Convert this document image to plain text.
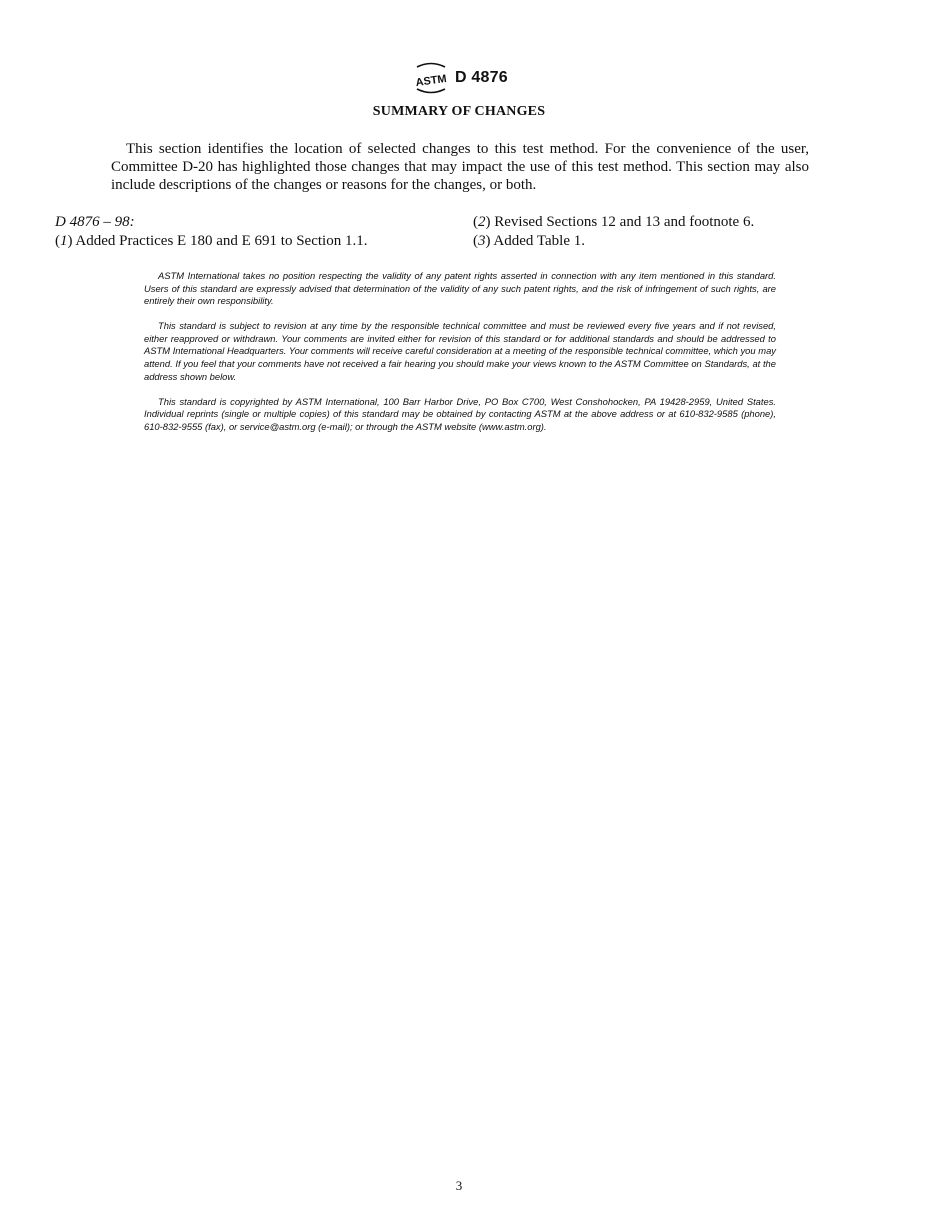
ASTM D 4876
SUMMARY OF CHANGES

This section identifies the location of selected changes to this test method. For the convenience of the user, Committee D-20 has highlighted those changes that may impact the use of this test method. This section may also include descriptions of the changes or reasons for the changes, or both.

D 4876 – 98:
(1) Added Practices E 180 and E 691 to Section 1.1.
(2) Revised Sections 12 and 13 and footnote 6.
(3) Added Table 1.

ASTM International takes no position respecting the validity of any patent rights asserted in connection with any item mentioned in this standard. Users of this standard are expressly advised that determination of the validity of any such patent rights, and the risk of infringement of such rights, are entirely their own responsibility.

This standard is subject to revision at any time by the responsible technical committee and must be reviewed every five years and if not revised, either reapproved or withdrawn. Your comments are invited either for revision of this standard or for additional standards and should be addressed to ASTM International Headquarters. Your comments will receive careful consideration at a meeting of the responsible technical committee, which you may attend. If you feel that your comments have not received a fair hearing you should make your views known to the ASTM Committee on Standards, at the address shown below.

This standard is copyrighted by ASTM International, 100 Barr Harbor Drive, PO Box C700, West Conshohocken, PA 19428-2959, United States. Individual reprints (single or multiple copies) of this standard may be obtained by contacting ASTM at the above address or at 610-832-9585 (phone), 610-832-9555 (fax), or service@astm.org (e-mail); or through the ASTM website (www.astm.org).

3
